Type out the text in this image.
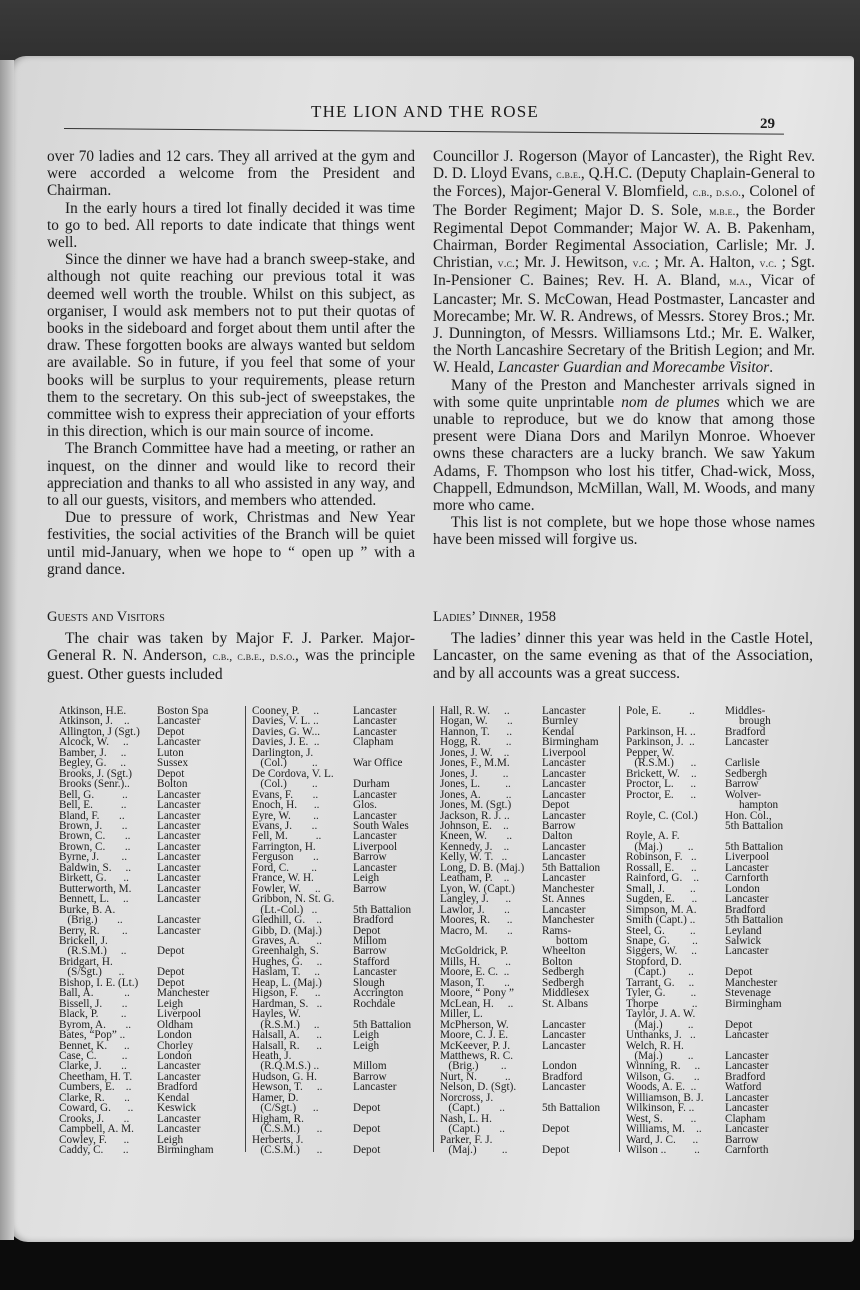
THE LION AND THE ROSE
29

over 70 ladies and 12 cars. They all arrived at the gym and were accorded a welcome from the President and Chairman.

In the early hours a tired lot finally decided it was time to go to bed. All reports to date indicate that things went well.

Since the dinner we have had a branch sweep-stake, and although not quite reaching our previous total it was deemed well worth the trouble. Whilst on this subject, as organiser, I would ask members not to put their quotas of books in the sideboard and forget about them until after the draw. These forgotten books are always wanted but seldom are available. So in future, if you feel that some of your books will be surplus to your requirements, please return them to the secretary. On this sub-ject of sweepstakes, the committee wish to express their appreciation of your efforts in this direction, which is our main source of income.

The Branch Committee have had a meeting, or rather an inquest, on the dinner and would like to record their appreciation and thanks to all who assisted in any way, and to all our guests, visitors, and members who attended.

Due to pressure of work, Christmas and New Year festivities, the social activities of the Branch will be quiet until mid-January, when we hope to “ open up ” with a grand dance.

Councillor J. Rogerson (Mayor of Lancaster), the Right Rev. D. D. Lloyd Evans, c.b.e., Q.H.C. (Deputy Chaplain-General to the Forces), Major-General V. Blomfield, c.b., d.s.o., Colonel of The Border Regiment; Major D. S. Sole, m.b.e., the Border Regimental Depot Commander; Major W. A. B. Pakenham, Chairman, Border Regimental Association, Carlisle; Mr. J. Christian, v.c.; Mr. J. Hewitson, v.c. ; Mr. A. Halton, v.c. ; Sgt. In-Pensioner C. Baines; Rev. H. A. Bland, m.a., Vicar of Lancaster; Mr. S. McCowan, Head Postmaster, Lancaster and Morecambe; Mr. W. R. Andrews, of Messrs. Storey Bros.; Mr. J. Dunnington, of Messrs. Williamsons Ltd.; Mr. E. Walker, the North Lancashire Secretary of the British Legion; and Mr. W. Heald, Lancaster Guardian and Morecambe Visitor.

Many of the Preston and Manchester arrivals signed in with some quite unprintable nom de plumes which we are unable to reproduce, but we do know that among those present were Diana Dors and Marilyn Monroe. Whoever owns these characters are a lucky branch. We saw Yakum Adams, F. Thompson who lost his titfer, Chad-wick, Moss, Chappell, Edmundson, McMillan, Wall, M. Woods, and many more who came.

This list is not complete, but we hope those whose names have been missed will forgive us.

Guests and Visitors	Ladies’ Dinner, 1958

The chair was taken by Major F. J. Parker. Major-General R. N. Anderson, c.b., c.b.e., d.s.o., was the principle guest. Other guests included

The ladies’ dinner this year was held in the Castle Hotel, Lancaster, on the same evening as that of the Association, and by all accounts was a great success.

Atkinson, H.E.	Boston Spa
Atkinson, J.    ..	Lancaster
Allington, J (Sgt.)	Depot
Alcock, W.     ..	Lancaster
Bamber, J.     ..	Luton
Begley, G.     ..	Sussex
Brooks, J. (Sgt.)	Depot
Brooks (Senr.)..	Bolton
Bell, G.          ..	Lancaster
Bell, E.          ..	Lancaster
Bland, F.       ..	Lancaster
Brown, J.       ..	Lancaster
Brown, C.       ..	Lancaster
Brown, C.       ..	Lancaster
Byrne, J.        ..	Lancaster
Baldwin, S.     ..	Lancaster
Birkett, G.      ..	Lancaster
Butterworth, M.	Lancaster
Bennett, L.     ..	Lancaster
Burke, B. A.
(Brig.)       ..	Lancaster
Berry, R.        ..	Lancaster
Brickell, J.
(R.S.M.)     ..	Depot
Bridgart, H.
(S/Sgt.)      ..	Depot
Bishop, I. E. (Lt.)	Depot
Ball, A.           ..	Manchester
Bissell, J.       ..	Leigh
Black, P.        ..	Liverpool
Byrom, A.       ..	Oldham
Bates, “Pop” ..	London
Bennet, K.      ..	Chorley
Case, C.         ..	London
Clarke, J.       ..	Lancaster
Cheetham, H. T.	Lancaster
Cumbers, E.    ..	Bradford
Clarke, R.       ..	Kendal
Coward, G.      ..	Keswick
Crooks, J.       ..	Lancaster
Campbell, A. M.	Lancaster
Cowley, F.      ..	Leigh
Caddy, C.       ..	Birmingham
Cooney, P.     ..	Lancaster
Davies, V. L. ..	Lancaster
Davies, G. W...	Lancaster
Davies, J. E.  ..	Clapham
Darlington, J.
(Col.)         ..	War Office
De Cordova, V. L.
(Col.)         ..	Durham
Evans, F.       ..	Lancaster
Enoch, H.      ..	Glos.
Eyre, W.        ..	Lancaster
Evans, J.       ..	South Wales
Fell, M.          ..	Lancaster
Farrington, H.	Liverpool
Ferguson       ..	Barrow
Ford, C.        ..	Lancaster
France, W. H.	Leigh
Fowler, W.     ..	Barrow
Gribbon, N. St. G.
(Lt.-Col.)   ..	5th Battalion
Gledhill, G.    ..	Bradford
Gibb, D. (Maj.)	Depot
Graves, A.      ..	Millom
Greenhalgh, S.	Barrow
Hughes, G.     ..	Stafford
Haslam, T.     ..	Lancaster
Heap, L. (Maj.)	Slough
Higson, F.      ..	Accrington
Hardman, S.   ..	Rochdale
Hayles, W.
(R.S.M.)     ..	5th Battalion
Halsall, A.      ..	Leigh
Halsall, R.      ..	Leigh
Heath, J.
(R.Q.M.S.) ..	Millom
Hudson, G. H.	Barrow
Hewson, T.     ..	Lancaster
Hamer, D.
(C/Sgt.)      ..	Depot
Higham, R.
(C.S.M.)      ..	Depot
Herberts, J.
(C.S.M.)      ..	Depot
Hall, R. W.     ..	Lancaster
Hogan, W.       ..	Burnley
Hannon, T.      ..	Kendal
Hogg, R.         ..	Birmingham
Jones, J. W.    ..	Liverpool
Jones, F., M.M.	Lancaster
Jones, J.         ..	Lancaster
Jones, L.         ..	Lancaster
Jones, A.         ..	Lancaster
Jones, M. (Sgt.)	Depot
Jackson, R. J. ..	Lancaster
Johnson, E.    ..	Barrow
Kneen, W.       ..	Dalton
Kennedy, J.    ..	Lancaster
Kelly, W. T.   ..	Lancaster
Long, D. B. (Maj.)	5th Battalion
Leatham, P.    ..	Lancaster
Lyon, W. (Capt.)	Manchester
Langley, J.      ..	St. Annes
Lawlor, J.       ..	Lancaster
Moores, R.      ..	Manchester
Macro, M.       ..	Rams-
bottom
McGoldrick, P.	Wheelton
Mills, H.         ..	Bolton
Moore, E. C.  ..	Sedbergh
Mason, T.       ..	Sedbergh
Moore, “ Pony ”	Middlesex
McLean, H.     ..	St. Albans
Miller, L.
McPherson, W.	Lancaster
Moore, C. J. E.	Lancaster
McKeever, P. J.	Lancaster
Matthews, R. C.
(Brig.)        ..	London
Nurt, N.          ..	Bradford
Nelson, D. (Sgt).	Lancaster
Norcross, J.
(Capt.)       ..	5th Battalion
Nash, L. H.
(Capt.)       ..	Depot
Parker, F. J.
(Maj.)         ..	Depot
Pole, E.          ..	Middles-
brough
Parkinson, H. ..	Bradford
Parkinson, J.  ..	Lancaster
Pepper, W.
(R.S.M.)      ..	Carlisle
Brickett, W.    ..	Sedbergh
Proctor, L.      ..	Barrow
Proctor, E.      ..	Wolver-
hampton
Royle, C. (Col.)	Hon. Col.,
5th Battalion
Royle, A. F.
(Maj.)         ..	5th Battalion
Robinson, F.   ..	Liverpool
Rossall, E.      ..	Lancaster
Rainford, G.    ..	Carnforth
Small, J.         ..	London
Sugden, E.      ..	Lancaster
Simpson, M. A.	Bradford
Smith (Capt.) ..	5th Battalion
Steel, G.         ..	Leyland
Snape, G.        ..	Salwick
Siggers, W.     ..	Lancaster
Stopford, D.
(Capt.)        ..	Depot
Tarrant, G.     ..	Manchester
Tyler, G.         ..	Stevenage
Thorpe            ..	Birmingham
Taylor, J. A. W.
(Maj.)         ..	Depot
Unthanks, J.   ..	Lancaster
Welch, R. H.
(Maj.)         ..	Lancaster
Winning, R.     ..	Lancaster
Wilson, G.       ..	Bradford
Woods, A. E.  ..	Watford
Williamson, B. J.	Lancaster
Wilkinson, F. ..	Lancaster
West, S.          ..	Clapham
Williams, M.    ..	Lancaster
Ward, J. C.      ..	Barrow
Wilson ..          ..	Carnforth
